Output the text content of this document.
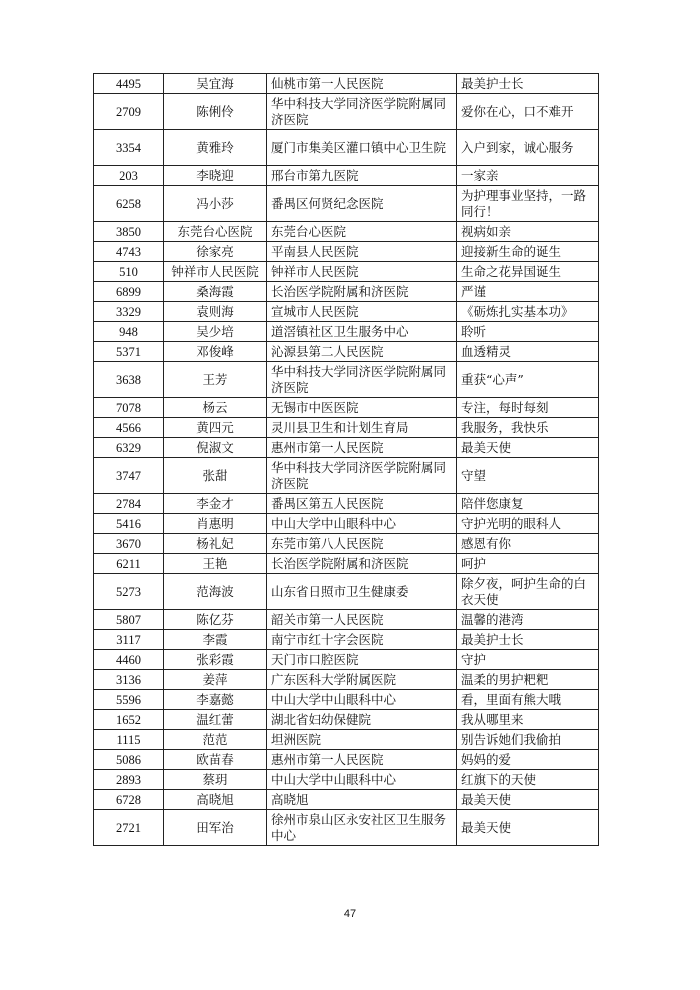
4495	吴宜海	仙桃市第一人民医院	最美护士长
2709	陈俐伶	华中科技大学同济医学院附属同济医院	爱你在心，口不难开
3354	黄雅玲	厦门市集美区灌口镇中心卫生院	入户到家，诚心服务
203	李晓迎	邢台市第九医院	一家亲
6258	冯小莎	番禺区何贤纪念医院	为护理事业坚持，一路同行！
3850	东莞台心医院	东莞台心医院	视病如亲
4743	徐家亮	平南县人民医院	迎接新生命的诞生
510	钟祥市人民医院	钟祥市人民医院	生命之花异国诞生
6899	桑海霞	长治医学院附属和济医院	严谨
3329	袁则海	宣城市人民医院	《砺炼扎实基本功》
948	吴少培	道滘镇社区卫生服务中心	聆听
5371	邓俊峰	沁源县第二人民医院	血透精灵
3638	王芳	华中科技大学同济医学院附属同济医院	重获“心声”
7078	杨云	无锡市中医医院	专注，每时每刻
4566	黄四元	灵川县卫生和计划生育局	我服务，我快乐
6329	倪淑文	惠州市第一人民医院	最美天使
3747	张甜	华中科技大学同济医学院附属同济医院	守望
2784	李金才	番禺区第五人民医院	陪伴您康复
5416	肖惠明	中山大学中山眼科中心	守护光明的眼科人
3670	杨礼妃	东莞市第八人民医院	感恩有你
6211	王艳	长治医学院附属和济医院	呵护
5273	范海波	山东省日照市卫生健康委	除夕夜，呵护生命的白衣天使
5807	陈亿芬	韶关市第一人民医院	温馨的港湾
3117	李霞	南宁市红十字会医院	最美护士长
4460	张彩霞	天门市口腔医院	守护
3136	姜萍	广东医科大学附属医院	温柔的男护粑粑
5596	李嘉懿	中山大学中山眼科中心	看，里面有熊大哦
1652	温红蕾	湖北省妇幼保健院	我从哪里来
1115	范范	坦洲医院	别告诉她们我偷拍
5086	欧苗春	惠州市第一人民医院	妈妈的爱
2893	蔡玥	中山大学中山眼科中心	红旗下的天使
6728	高晓旭	高晓旭	最美天使
2721	田军治	徐州市泉山区永安社区卫生服务中心	最美天使
47
